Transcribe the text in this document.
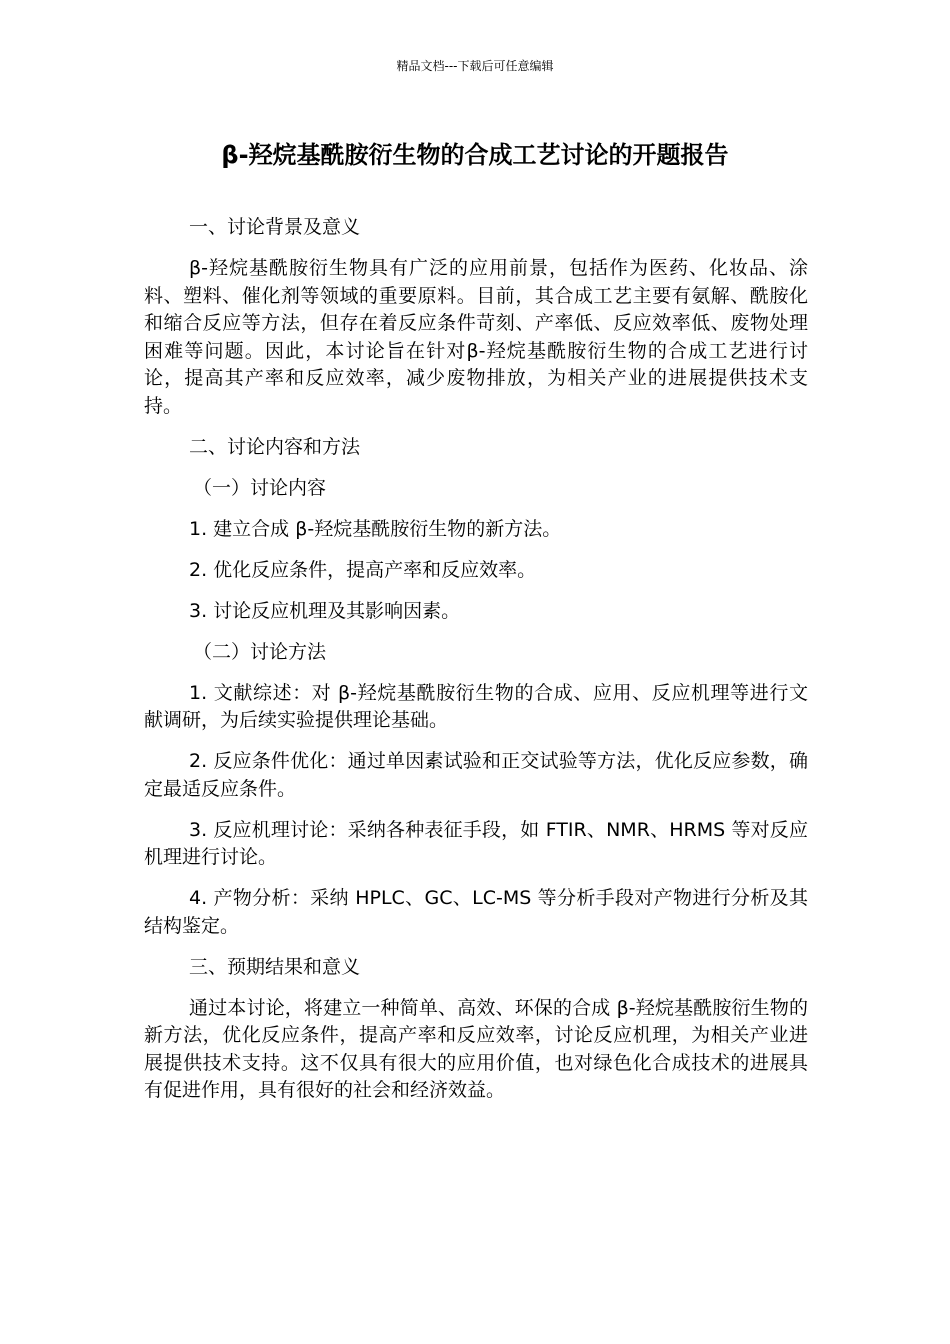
精品文档---下载后可任意编辑
β-羟烷基酰胺衍生物的合成工艺讨论的开题报告

一、讨论背景及意义

β-羟烷基酰胺衍生物具有广泛的应用前景，包括作为医药、化妆品、涂料、塑料、催化剂等领域的重要原料。目前，其合成工艺主要有氨解、酰胺化和缩合反应等方法，但存在着反应条件苛刻、产率低、反应效率低、废物处理困难等问题。因此，本讨论旨在针对β-羟烷基酰胺衍生物的合成工艺进行讨论，提高其产率和反应效率，减少废物排放，为相关产业的进展提供技术支持。

二、讨论内容和方法

（一）讨论内容

1. 建立合成 β-羟烷基酰胺衍生物的新方法。

2. 优化反应条件，提高产率和反应效率。

3. 讨论反应机理及其影响因素。

（二）讨论方法

1. 文献综述：对 β-羟烷基酰胺衍生物的合成、应用、反应机理等进行文献调研，为后续实验提供理论基础。

2. 反应条件优化：通过单因素试验和正交试验等方法，优化反应参数，确定最适反应条件。

3. 反应机理讨论：采纳各种表征手段，如 FTIR、NMR、HRMS 等对反应机理进行讨论。

4. 产物分析：采纳 HPLC、GC、LC-MS 等分析手段对产物进行分析及其结构鉴定。

三、预期结果和意义

通过本讨论，将建立一种简单、高效、环保的合成 β-羟烷基酰胺衍生物的新方法，优化反应条件，提高产率和反应效率，讨论反应机理，为相关产业进展提供技术支持。这不仅具有很大的应用价值，也对绿色化合成技术的进展具有促进作用，具有很好的社会和经济效益。
